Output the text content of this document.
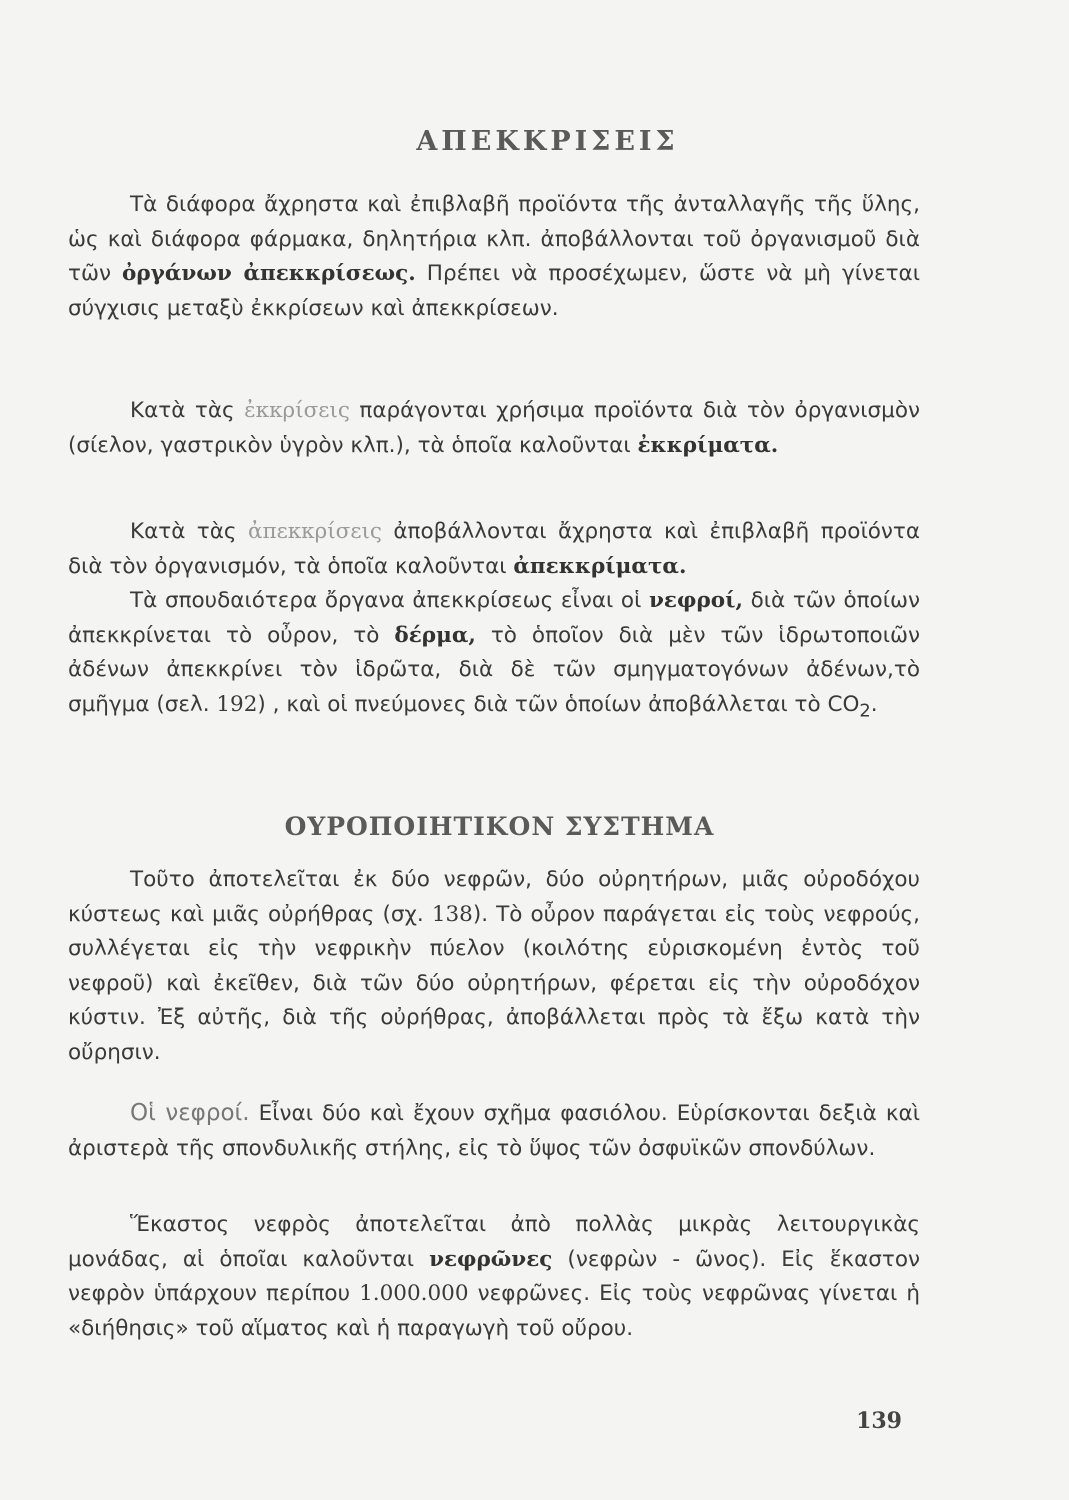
ΑΠΕΚΚΡΙΣΕΙΣ

Τὰ διάφορα ἄχρηστα καὶ ἐπιβλαβῆ προϊόντα τῆς ἀνταλλαγῆς τῆς ὕλης, ὡς καὶ διάφορα φάρμακα, δηλητήρια κλπ. ἀποβάλλονται τοῦ ὀργανισμοῦ διὰ τῶν ὀργάνων ἀπεκκρίσεως. Πρέπει νὰ προσέχωμεν, ὥστε νὰ μὴ γίνεται σύγχισις μεταξὺ ἐκκρίσεων καὶ ἀπεκκρίσεων.

Κατὰ τὰς ἐκκρίσεις παράγονται χρήσιμα προϊόντα διὰ τὸν ὀργανισμὸν (σίελον, γαστρικὸν ὑγρὸν κλπ.), τὰ ὁποῖα καλοῦνται ἐκκρίματα.

Κατὰ τὰς ἀπεκκρίσεις ἀποβάλλονται ἄχρηστα καὶ ἐπιβλαβῆ προϊόντα διὰ τὸν ὀργανισμόν, τὰ ὁποῖα καλοῦνται ἀπεκκρίματα.

Τὰ σπουδαιότερα ὄργανα ἀπεκκρίσεως εἶναι οἱ νεφροί, διὰ τῶν ὁποίων ἀπεκκρίνεται τὸ οὖρον, τὸ δέρμα, τὸ ὁποῖον διὰ μὲν τῶν ἱδρωτοποιῶν ἀδένων ἀπεκκρίνει τὸν ἱδρῶτα, διὰ δὲ τῶν σμηγματογόνων ἀδένων,τὸ σμῆγμα (σελ. 192) , καὶ οἱ πνεύμονες διὰ τῶν ὁποίων ἀποβάλλεται τὸ $CO_2$.

ΟΥΡΟΠΟΙΗΤΙΚΟΝ ΣΥΣΤΗΜΑ

Τοῦτο ἀποτελεῖται ἐκ δύο νεφρῶν, δύο οὐρητήρων, μιᾶς οὐροδόχου κύστεως καὶ μιᾶς οὐρήθρας (σχ. 138). Τὸ οὖρον παράγεται εἰς τοὺς νεφρούς, συλλέγεται εἰς τὴν νεφρικὴν πύελον (κοιλότης εὑρισκομένη ἐντὸς τοῦ νεφροῦ) καὶ ἐκεῖθεν, διὰ τῶν δύο οὐρητήρων, φέρεται εἰς τὴν οὐροδόχον κύστιν. Ἐξ αὐτῆς, διὰ τῆς οὐρήθρας, ἀποβάλλεται πρὸς τὰ ἔξω κατὰ τὴν οὔρησιν.

Οἱ νεφροί. Εἶναι δύο καὶ ἔχουν σχῆμα φασιόλου. Εὑρίσκονται δεξιὰ καὶ ἀριστερὰ τῆς σπονδυλικῆς στήλης, εἰς τὸ ὕψος τῶν ὀσφυϊκῶν σπονδύλων.

Ἕκαστος νεφρὸς ἀποτελεῖται ἀπὸ πολλὰς μικρὰς λειτουργικὰς μονάδας, αἱ ὁποῖαι καλοῦνται νεφρῶνες (νεφρὼν - ῶνος). Εἰς ἕκαστον νεφρὸν ὑπάρχουν περίπου 1.000.000 νεφρῶνες. Εἰς τοὺς νεφρῶνας γίνεται ἡ «διήθησις» τοῦ αἵματος καὶ ἡ παραγωγὴ τοῦ οὔρου.

139
